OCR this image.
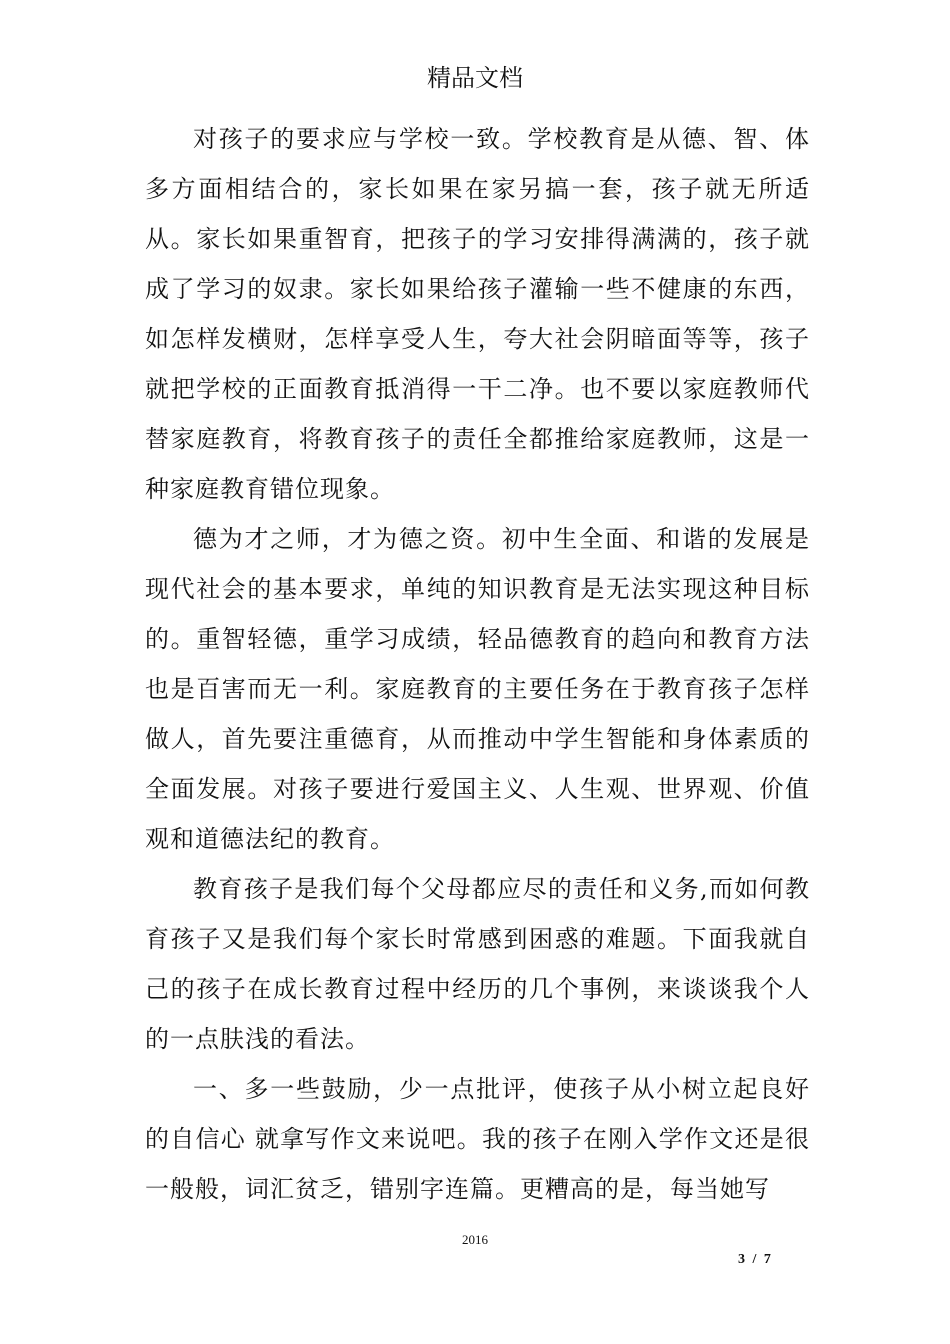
精品文档

对孩子的要求应与学校一致。学校教育是从德、智、体多方面相结合的，家长如果在家另搞一套，孩子就无所适从。家长如果重智育，把孩子的学习安排得满满的，孩子就成了学习的奴隶。家长如果给孩子灌输一些不健康的东西，如怎样发横财，怎样享受人生，夸大社会阴暗面等等，孩子就把学校的正面教育抵消得一干二净。也不要以家庭教师代替家庭教育，将教育孩子的责任全都推给家庭教师，这是一种家庭教育错位现象。

德为才之师，才为德之资。初中生全面、和谐的发展是现代社会的基本要求，单纯的知识教育是无法实现这种目标的。重智轻德，重学习成绩，轻品德教育的趋向和教育方法也是百害而无一利。家庭教育的主要任务在于教育孩子怎样做人，首先要注重德育，从而推动中学生智能和身体素质的全面发展。对孩子要进行爱国主义、人生观、世界观、价值观和道德法纪的教育。

教育孩子是我们每个父母都应尽的责任和义务,而如何教育孩子又是我们每个家长时常感到困惑的难题。下面我就自己的孩子在成长教育过程中经历的几个事例，来谈谈我个人的一点肤浅的看法。

一、多一些鼓励，少一点批评，使孩子从小树立起良好的自信心 就拿写作文来说吧。我的孩子在刚入学作文还是很一般般，词汇贫乏，错别字连篇。更糟高的是，每当她写

2016
3 / 7
